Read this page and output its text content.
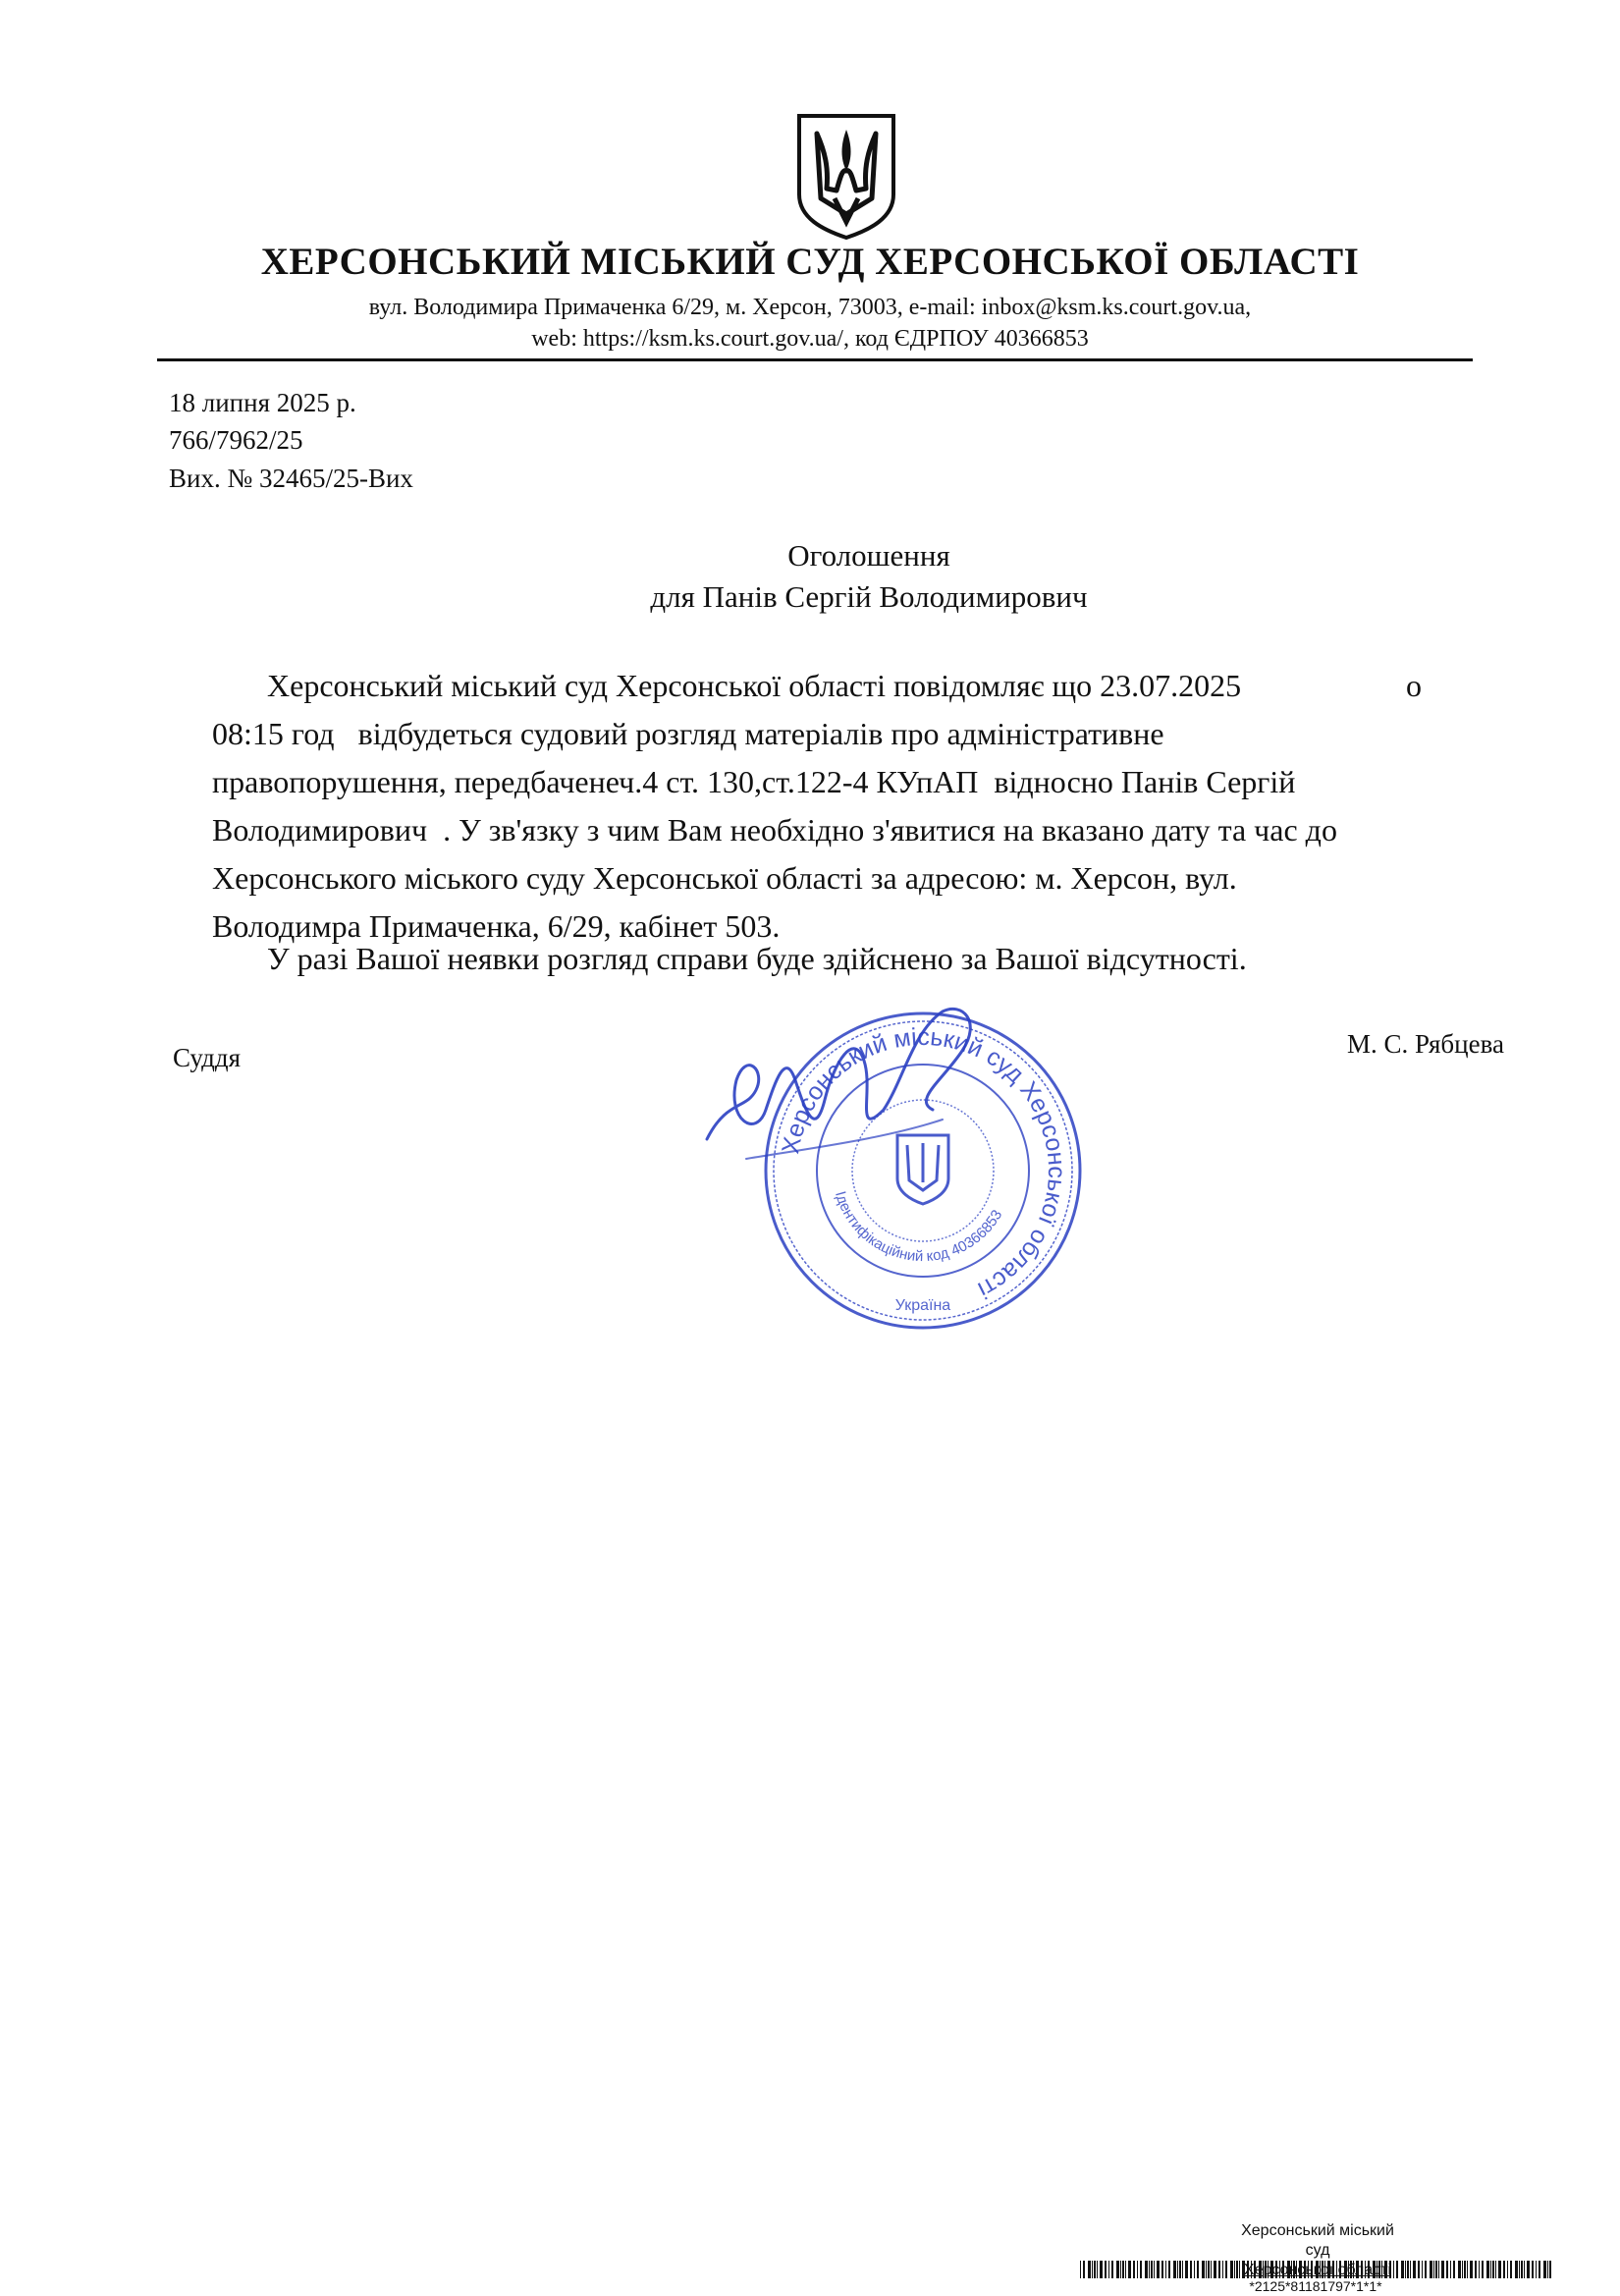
ХЕРСОНСЬКИЙ МІСЬКИЙ СУД ХЕРСОНСЬКОЇ ОБЛАСТІ
вул. Володимира Примаченка 6/29, м. Херсон, 73003, e-mail: inbox@ksm.ks.court.gov.ua,
web: https://ksm.ks.court.gov.ua/, код ЄДРПОУ 40366853
18 липня 2025 р.
766/7962/25
Вих. № 32465/25-Вих
Оголошення
для Панів Сергій Володимирович
Херсонський міський суд Херсонської області повідомляє що 23.07.2025	о
08:15 год   відбудеться судовий розгляд матеріалів про адміністративне
правопорушення, передбаченеч.4 ст. 130,ст.122-4 КУпАП  відносно Панів Сергій
Володимирович  . У зв'язку з чим Вам необхідно з'явитися на вказано дату та час до
Херсонського міського суду Херсонської області за адресою: м. Херсон, вул.
Володимра Примаченка, 6/29, кабінет 503.
У разі Вашої неявки розгляд справи буде здійснено за Вашої відсутності.
Суддя	М. С. Рябцева
Херсонський міський суд Херсонської області
Ідентифікаційний код 40366853
Україна
Херсонський міський суд
області
*2125*81181797*1*1*
